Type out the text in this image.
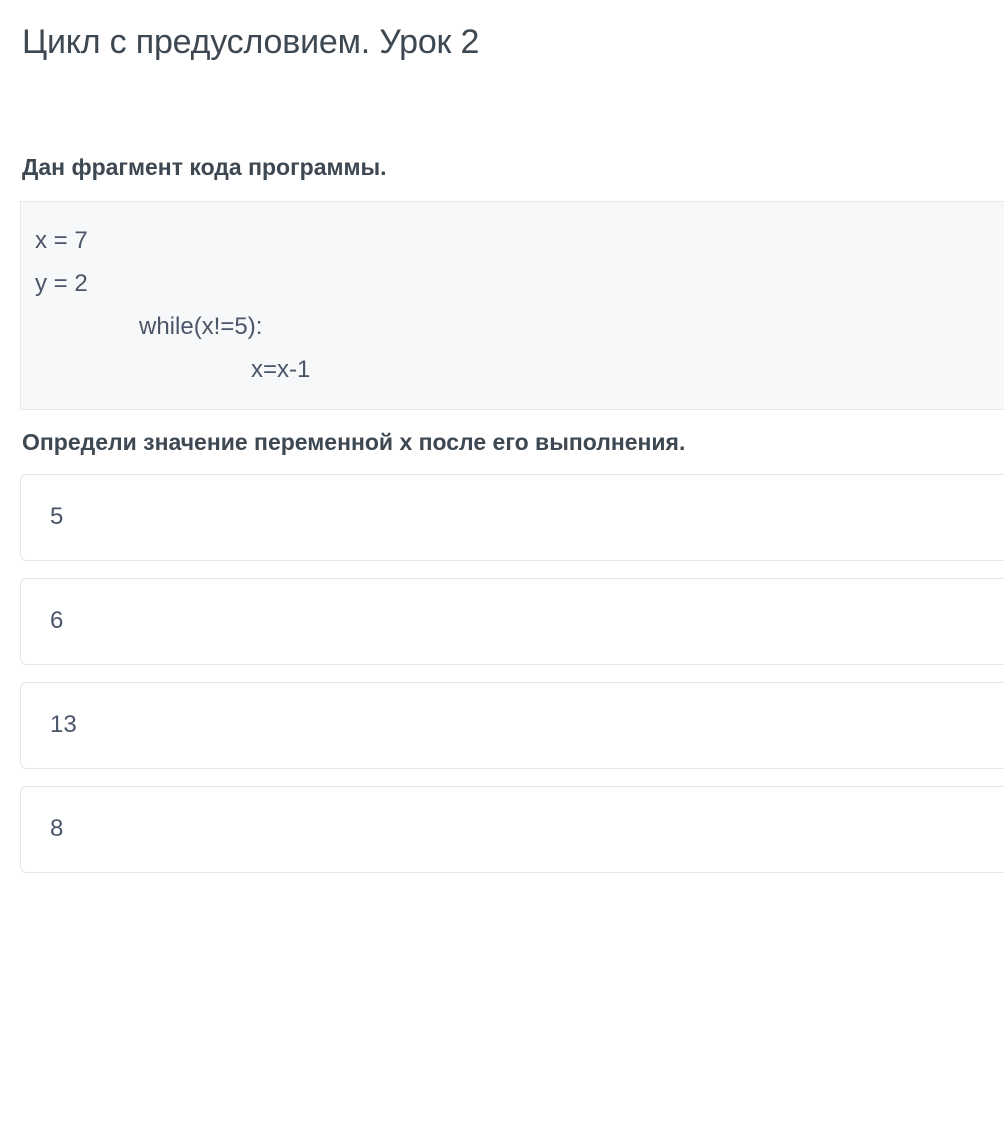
Цикл с предусловием. Урок 2

Дан фрагмент кода программы.

x = 7
y = 2
while(x!=5):
x=x-1

Определи значение переменной x после его выполнения.

5
6
13
8
